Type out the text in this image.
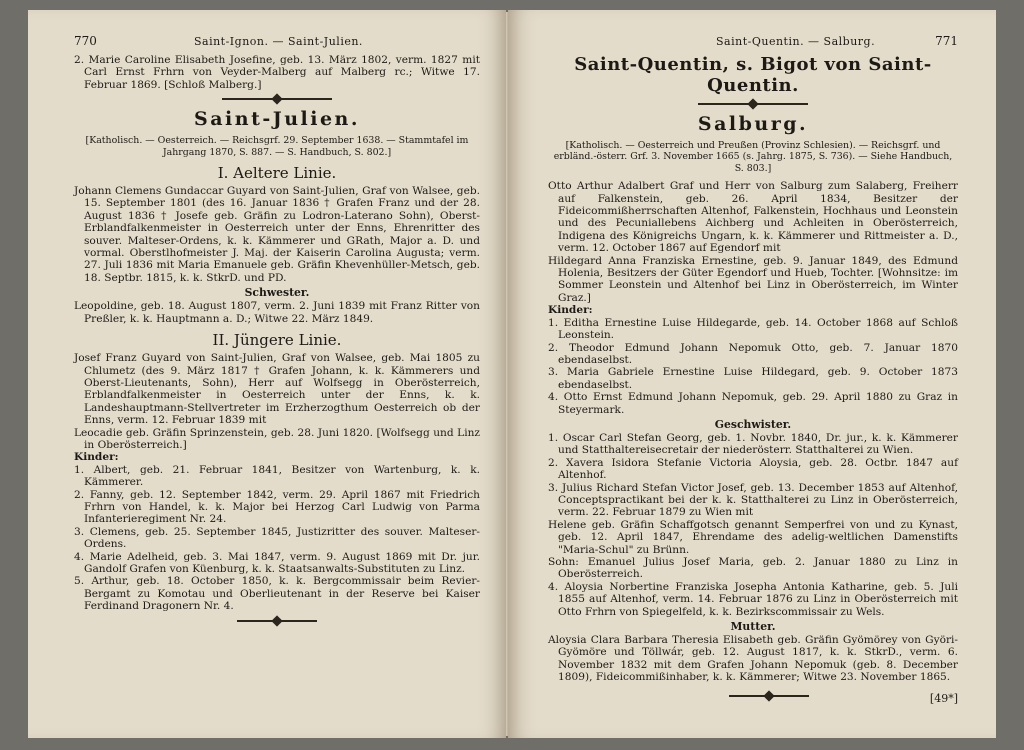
770	Saint-Ignon. — Saint-Julien.

2. Marie Caroline Elisabeth Josefine, geb. 13. März 1802, verm. 1827 mit Carl Ernst Frhrn von Veyder-Malberg auf Malberg rc.; Witwe 17. Februar 1869. [Schloß Malberg.]

Saint-Julien.

[Katholisch. — Oesterreich. — Reichsgrf. 29. September 1638. — Stammtafel im Jahrgang 1870, S. 887. — S. Handbuch, S. 802.]

I. Aeltere Linie.

Johann Clemens Gundaccar Guyard von Saint-Julien, Graf von Walsee, geb. 15. September 1801 (des 16. Januar 1836 † Grafen Franz und der 28. August 1836 † Josefe geb. Gräfin zu Lodron-Laterano Sohn), Oberst-Erblandfalkenmeister in Oesterreich unter der Enns, Ehrenritter des souver. Malteser-Ordens, k. k. Kämmerer und GRath, Major a. D. und vormal. Oberstlhofmeister J. Maj. der Kaiserin Carolina Augusta; verm. 27. Juli 1836 mit Maria Emanuele geb. Gräfin Khevenhüller-Metsch, geb. 18. Septbr. 1815, k. k. StkrD. und PD.

Schwester.

Leopoldine, geb. 18. August 1807, verm. 2. Juni 1839 mit Franz Ritter von Preßler, k. k. Hauptmann a. D.; Witwe 22. März 1849.

II. Jüngere Linie.

Josef Franz Guyard von Saint-Julien, Graf von Walsee, geb. Mai 1805 zu Chlumetz (des 9. März 1817 † Grafen Johann, k. k. Kämmerers und Oberst-Lieutenants, Sohn), Herr auf Wolfsegg in Oberösterreich, Erblandfalkenmeister in Oesterreich unter der Enns, k. k. Landeshauptmann-Stellvertreter im Erzherzogthum Oesterreich ob der Enns, verm. 12. Februar 1839 mit

Leocadie geb. Gräfin Sprinzenstein, geb. 28. Juni 1820. [Wolfsegg und Linz in Oberösterreich.]

Kinder:

1. Albert, geb. 21. Februar 1841, Besitzer von Wartenburg, k. k. Kämmerer.

2. Fanny, geb. 12. September 1842, verm. 29. April 1867 mit Friedrich Frhrn von Handel, k. k. Major bei Herzog Carl Ludwig von Parma Infanterieregiment Nr. 24.

3. Clemens, geb. 25. September 1845, Justizritter des souver. Malteser-Ordens.

4. Marie Adelheid, geb. 3. Mai 1847, verm. 9. August 1869 mit Dr. jur. Gandolf Grafen von Küenburg, k. k. Staatsanwalts-Substituten zu Linz.

5. Arthur, geb. 18. October 1850, k. k. Bergcommissair beim Revier-Bergamt zu Komotau und Oberlieutenant in der Reserve bei Kaiser Ferdinand Dragonern Nr. 4.

Saint-Quentin. — Salburg.	771
Saint-Quentin, s. Bigot von Saint-Quentin.
Salburg.

[Katholisch. — Oesterreich und Preußen (Provinz Schlesien). — Reichsgrf. und erbländ.-österr. Grf. 3. November 1665 (s. Jahrg. 1875, S. 736). — Siehe Handbuch, S. 803.]

Otto Arthur Adalbert Graf und Herr von Salburg zum Salaberg, Freiherr auf Falkenstein, geb. 26. April 1834, Besitzer der Fideicommißherrschaften Altenhof, Falkenstein, Hochhaus und Leonstein und des Pecuniallebens Aichberg und Achleiten in Oberösterreich, Indigena des Königreichs Ungarn, k. k. Kämmerer und Rittmeister a. D., verm. 12. October 1867 auf Egendorf mit

Hildegard Anna Franziska Ernestine, geb. 9. Januar 1849, des Edmund Holenia, Besitzers der Güter Egendorf und Hueb, Tochter. [Wohnsitze: im Sommer Leonstein und Altenhof bei Linz in Oberösterreich, im Winter Graz.]

Kinder:

1. Editha Ernestine Luise Hildegarde, geb. 14. October 1868 auf Schloß Leonstein.

2. Theodor Edmund Johann Nepomuk Otto, geb. 7. Januar 1870 ebendaselbst.

3. Maria Gabriele Ernestine Luise Hildegard, geb. 9. October 1873 ebendaselbst.

4. Otto Ernst Edmund Johann Nepomuk, geb. 29. April 1880 zu Graz in Steyermark.

Geschwister.

1. Oscar Carl Stefan Georg, geb. 1. Novbr. 1840, Dr. jur., k. k. Kämmerer und Statthaltereisecretair der niederösterr. Statthalterei zu Wien.

2. Xavera Isidora Stefanie Victoria Aloysia, geb. 28. Octbr. 1847 auf Altenhof.

3. Julius Richard Stefan Victor Josef, geb. 13. December 1853 auf Altenhof, Conceptspractikant bei der k. k. Statthalterei zu Linz in Oberösterreich, verm. 22. Februar 1879 zu Wien mit

Helene geb. Gräfin Schaffgotsch genannt Semperfrei von und zu Kynast, geb. 12. April 1847, Ehrendame des adelig-weltlichen Damenstifts "Maria-Schul" zu Brünn.

Sohn: Emanuel Julius Josef Maria, geb. 2. Januar 1880 zu Linz in Oberösterreich.

4. Aloysia Norbertine Franziska Josepha Antonia Katharine, geb. 5. Juli 1855 auf Altenhof, verm. 14. Februar 1876 zu Linz in Oberösterreich mit Otto Frhrn von Spiegelfeld, k. k. Bezirkscommissair zu Wels.

Mutter.

Aloysia Clara Barbara Theresia Elisabeth geb. Gräfin Gyömörey von Györi-Gyömöre und Töllwár, geb. 12. August 1817, k. k. StkrD., verm. 6. November 1832 mit dem Grafen Johann Nepomuk (geb. 8. December 1809), Fideicommißinhaber, k. k. Kämmerer; Witwe 23. November 1865.

[49*]
